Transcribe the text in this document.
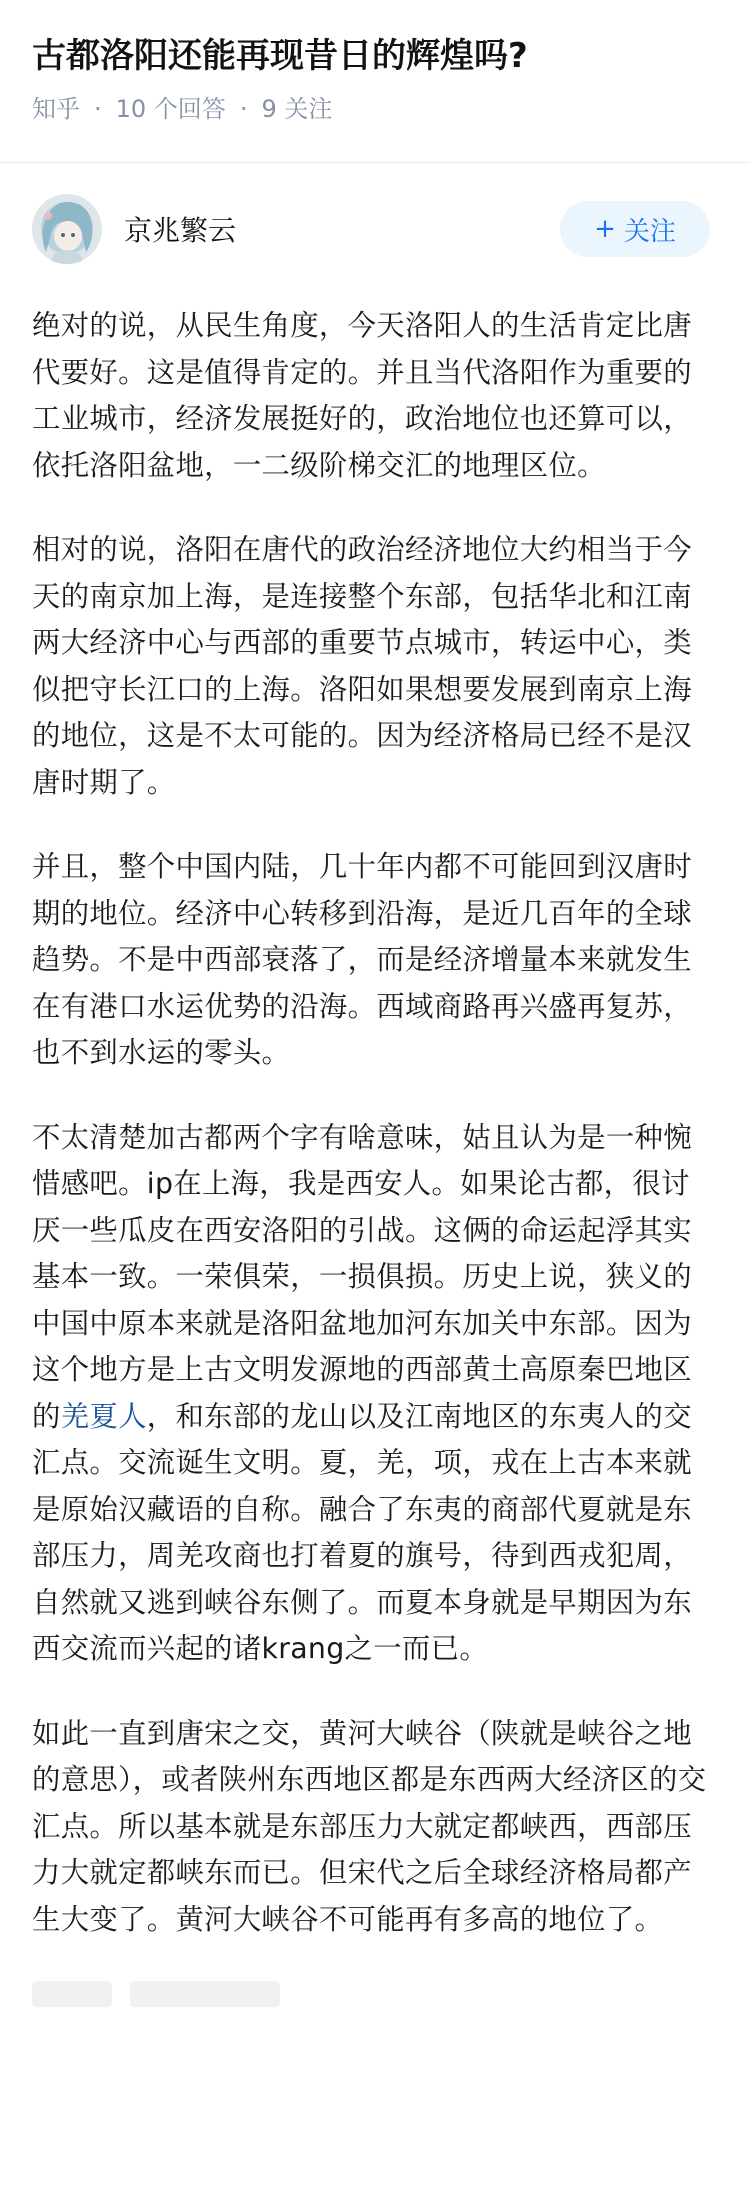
古都洛阳还能再现昔日的辉煌吗?
知乎 · 10 个回答 · 9 关注
京兆繁云	+ 关注

绝对的说，从民生角度，今天洛阳人的生活肯定比唐代要好。这是值得肯定的。并且当代洛阳作为重要的工业城市，经济发展挺好的，政治地位也还算可以，依托洛阳盆地，一二级阶梯交汇的地理区位。

相对的说，洛阳在唐代的政治经济地位大约相当于今天的南京加上海，是连接整个东部，包括华北和江南两大经济中心与西部的重要节点城市，转运中心，类似把守长江口的上海。洛阳如果想要发展到南京上海的地位，这是不太可能的。因为经济格局已经不是汉唐时期了。

并且，整个中国内陆，几十年内都不可能回到汉唐时期的地位。经济中心转移到沿海，是近几百年的全球趋势。不是中西部衰落了，而是经济增量本来就发生在有港口水运优势的沿海。西域商路再兴盛再复苏，也不到水运的零头。

不太清楚加古都两个字有啥意味，姑且认为是一种惋惜感吧。ip在上海，我是西安人。如果论古都，很讨厌一些瓜皮在西安洛阳的引战。这俩的命运起浮其实基本一致。一荣俱荣，一损俱损。历史上说，狭义的中国中原本来就是洛阳盆地加河东加关中东部。因为这个地方是上古文明发源地的西部黄土高原秦巴地区的羌夏人，和东部的龙山以及江南地区的东夷人的交汇点。交流诞生文明。夏，羌，项，戎在上古本来就是原始汉藏语的自称。融合了东夷的商部代夏就是东部压力，周羌攻商也打着夏的旗号，待到西戎犯周，自然就又逃到峡谷东侧了。而夏本身就是早期因为东西交流而兴起的诸krang之一而已。

如此一直到唐宋之交，黄河大峡谷（陕就是峡谷之地的意思），或者陕州东西地区都是东西两大经济区的交汇点。所以基本就是东部压力大就定都峡西，西部压力大就定都峡东而已。但宋代之后全球经济格局都产生大变了。黄河大峡谷不可能再有多高的地位了。
